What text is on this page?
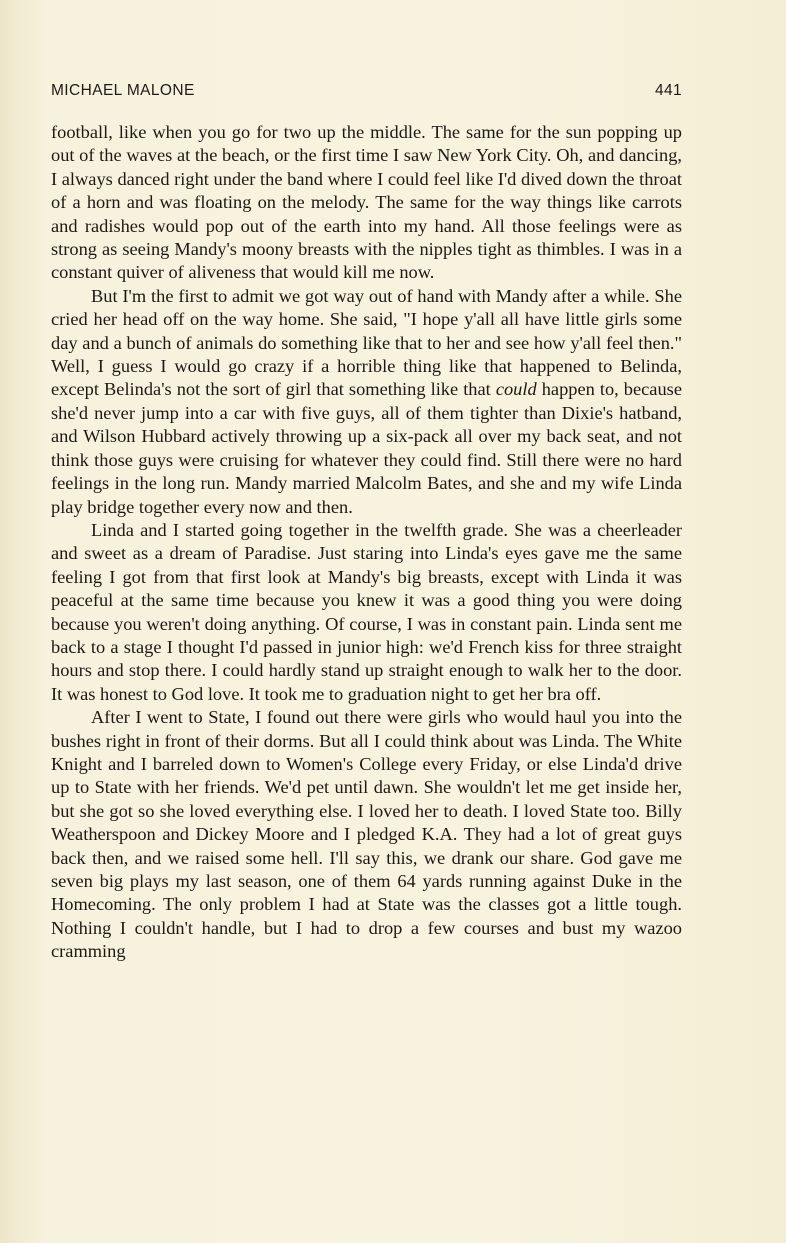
MICHAEL MALONE	441

football, like when you go for two up the middle. The same for the sun popping up out of the waves at the beach, or the first time I saw New York City. Oh, and dancing, I always danced right under the band where I could feel like I'd dived down the throat of a horn and was floating on the melody. The same for the way things like carrots and radishes would pop out of the earth into my hand. All those feelings were as strong as seeing Mandy's moony breasts with the nipples tight as thimbles. I was in a constant quiver of aliveness that would kill me now.

But I'm the first to admit we got way out of hand with Mandy after a while. She cried her head off on the way home. She said, "I hope y'all all have little girls some day and a bunch of animals do something like that to her and see how y'all feel then." Well, I guess I would go crazy if a horrible thing like that happened to Belinda, except Belinda's not the sort of girl that something like that could happen to, because she'd never jump into a car with five guys, all of them tighter than Dixie's hatband, and Wilson Hubbard actively throwing up a six-pack all over my back seat, and not think those guys were cruising for whatever they could find. Still there were no hard feelings in the long run. Mandy married Malcolm Bates, and she and my wife Linda play bridge together every now and then.

Linda and I started going together in the twelfth grade. She was a cheerleader and sweet as a dream of Paradise. Just staring into Linda's eyes gave me the same feeling I got from that first look at Mandy's big breasts, except with Linda it was peaceful at the same time because you knew it was a good thing you were doing because you weren't doing anything. Of course, I was in constant pain. Linda sent me back to a stage I thought I'd passed in junior high: we'd French kiss for three straight hours and stop there. I could hardly stand up straight enough to walk her to the door. It was honest to God love. It took me to graduation night to get her bra off.

After I went to State, I found out there were girls who would haul you into the bushes right in front of their dorms. But all I could think about was Linda. The White Knight and I barreled down to Women's College every Friday, or else Linda'd drive up to State with her friends. We'd pet until dawn. She wouldn't let me get inside her, but she got so she loved everything else. I loved her to death. I loved State too. Billy Weatherspoon and Dickey Moore and I pledged K.A. They had a lot of great guys back then, and we raised some hell. I'll say this, we drank our share. God gave me seven big plays my last season, one of them 64 yards running against Duke in the Homecoming. The only problem I had at State was the classes got a little tough. Nothing I couldn't handle, but I had to drop a few courses and bust my wazoo cramming
